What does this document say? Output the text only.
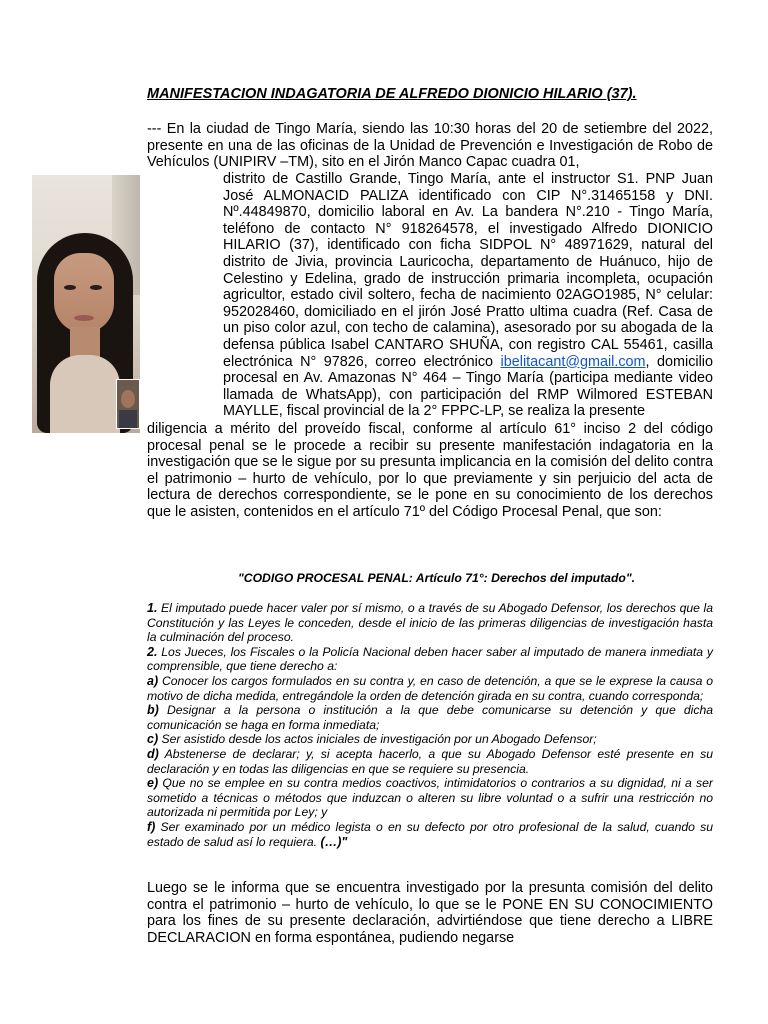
MANIFESTACION INDAGATORIA DE ALFREDO DIONICIO HILARIO (37).
--- En la ciudad de Tingo María, siendo las 10:30 horas del 20 de setiembre del 2022, presente en una de las oficinas de la Unidad de Prevención e Investigación de Robo de Vehículos (UNIPIRV –TM), sito en el Jirón Manco Capac cuadra 01,
distrito de Castillo Grande, Tingo María, ante el instructor S1. PNP Juan José ALMONACID PALIZA identificado con CIP N°.31465158 y DNI. Nº.44849870, domicilio laboral en Av. La bandera N°.210 - Tingo María, teléfono de contacto N° 918264578, el investigado Alfredo DIONICIO HILARIO (37), identificado con ficha SIDPOL N° 48971629, natural del distrito de Jivia, provincia Lauricocha, departamento de Huánuco, hijo de Celestino y Edelina, grado de instrucción primaria incompleta, ocupación agricultor, estado civil soltero, fecha de nacimiento 02AGO1985, N° celular: 952028460, domiciliado en el jirón José Pratto ultima cuadra (Ref. Casa de un piso color azul, con techo de calamina), asesorado por su abogada de la defensa pública Isabel CANTARO SHUÑA, con registro CAL 55461, casilla electrónica N° 97826, correo electrónico ibelitacant@gmail.com, domicilio procesal en Av. Amazonas N° 464 – Tingo María (participa mediante video llamada de WhatsApp), con participación del RMP Wilmored ESTEBAN MAYLLE, fiscal provincial de la 2° FPPC-LP, se realiza la presente
diligencia a mérito del proveído fiscal, conforme al artículo 61° inciso 2 del código procesal penal se le procede a recibir su presente manifestación indagatoria en la investigación que se le sigue por su presunta implicancia en la comisión del delito contra el patrimonio – hurto de vehículo, por lo que previamente y sin perjuicio del acta de lectura de derechos correspondiente, se le pone en su conocimiento de los derechos que le asisten, contenidos en el artículo 71º del Código Procesal Penal, que son:
"CODIGO PROCESAL PENAL: Artículo 71°: Derechos del imputado".

1. El imputado puede hacer valer por sí mismo, o a través de su Abogado Defensor, los derechos que la Constitución y las Leyes le conceden, desde el inicio de las primeras diligencias de investigación hasta la culminación del proceso.

2. Los Jueces, los Fiscales o la Policía Nacional deben hacer saber al imputado de manera inmediata y comprensible, que tiene derecho a:

a) Conocer los cargos formulados en su contra y, en caso de detención, a que se le exprese la causa o motivo de dicha medida, entregándole la orden de detención girada en su contra, cuando corresponda;

b) Designar a la persona o institución a la que debe comunicarse su detención y que dicha comunicación se haga en forma inmediata;

c) Ser asistido desde los actos iniciales de investigación por un Abogado Defensor;

d) Abstenerse de declarar; y, si acepta hacerlo, a que su Abogado Defensor esté presente en su declaración y en todas las diligencias en que se requiere su presencia.

e) Que no se emplee en su contra medios coactivos, intimidatorios o contrarios a su dignidad, ni a ser sometido a técnicas o métodos que induzcan o alteren su libre voluntad o a sufrir una restricción no autorizada ni permitida por Ley; y

f) Ser examinado por un médico legista o en su defecto por otro profesional de la salud, cuando su estado de salud así lo requiera. (…)"

Luego se le informa que se encuentra investigado por la presunta comisión del delito contra el patrimonio – hurto de vehículo, lo que se le PONE EN SU CONOCIMIENTO para los fines de su presente declaración, advirtiéndose que tiene derecho a LIBRE DECLARACION en forma espontánea, pudiendo negarse
